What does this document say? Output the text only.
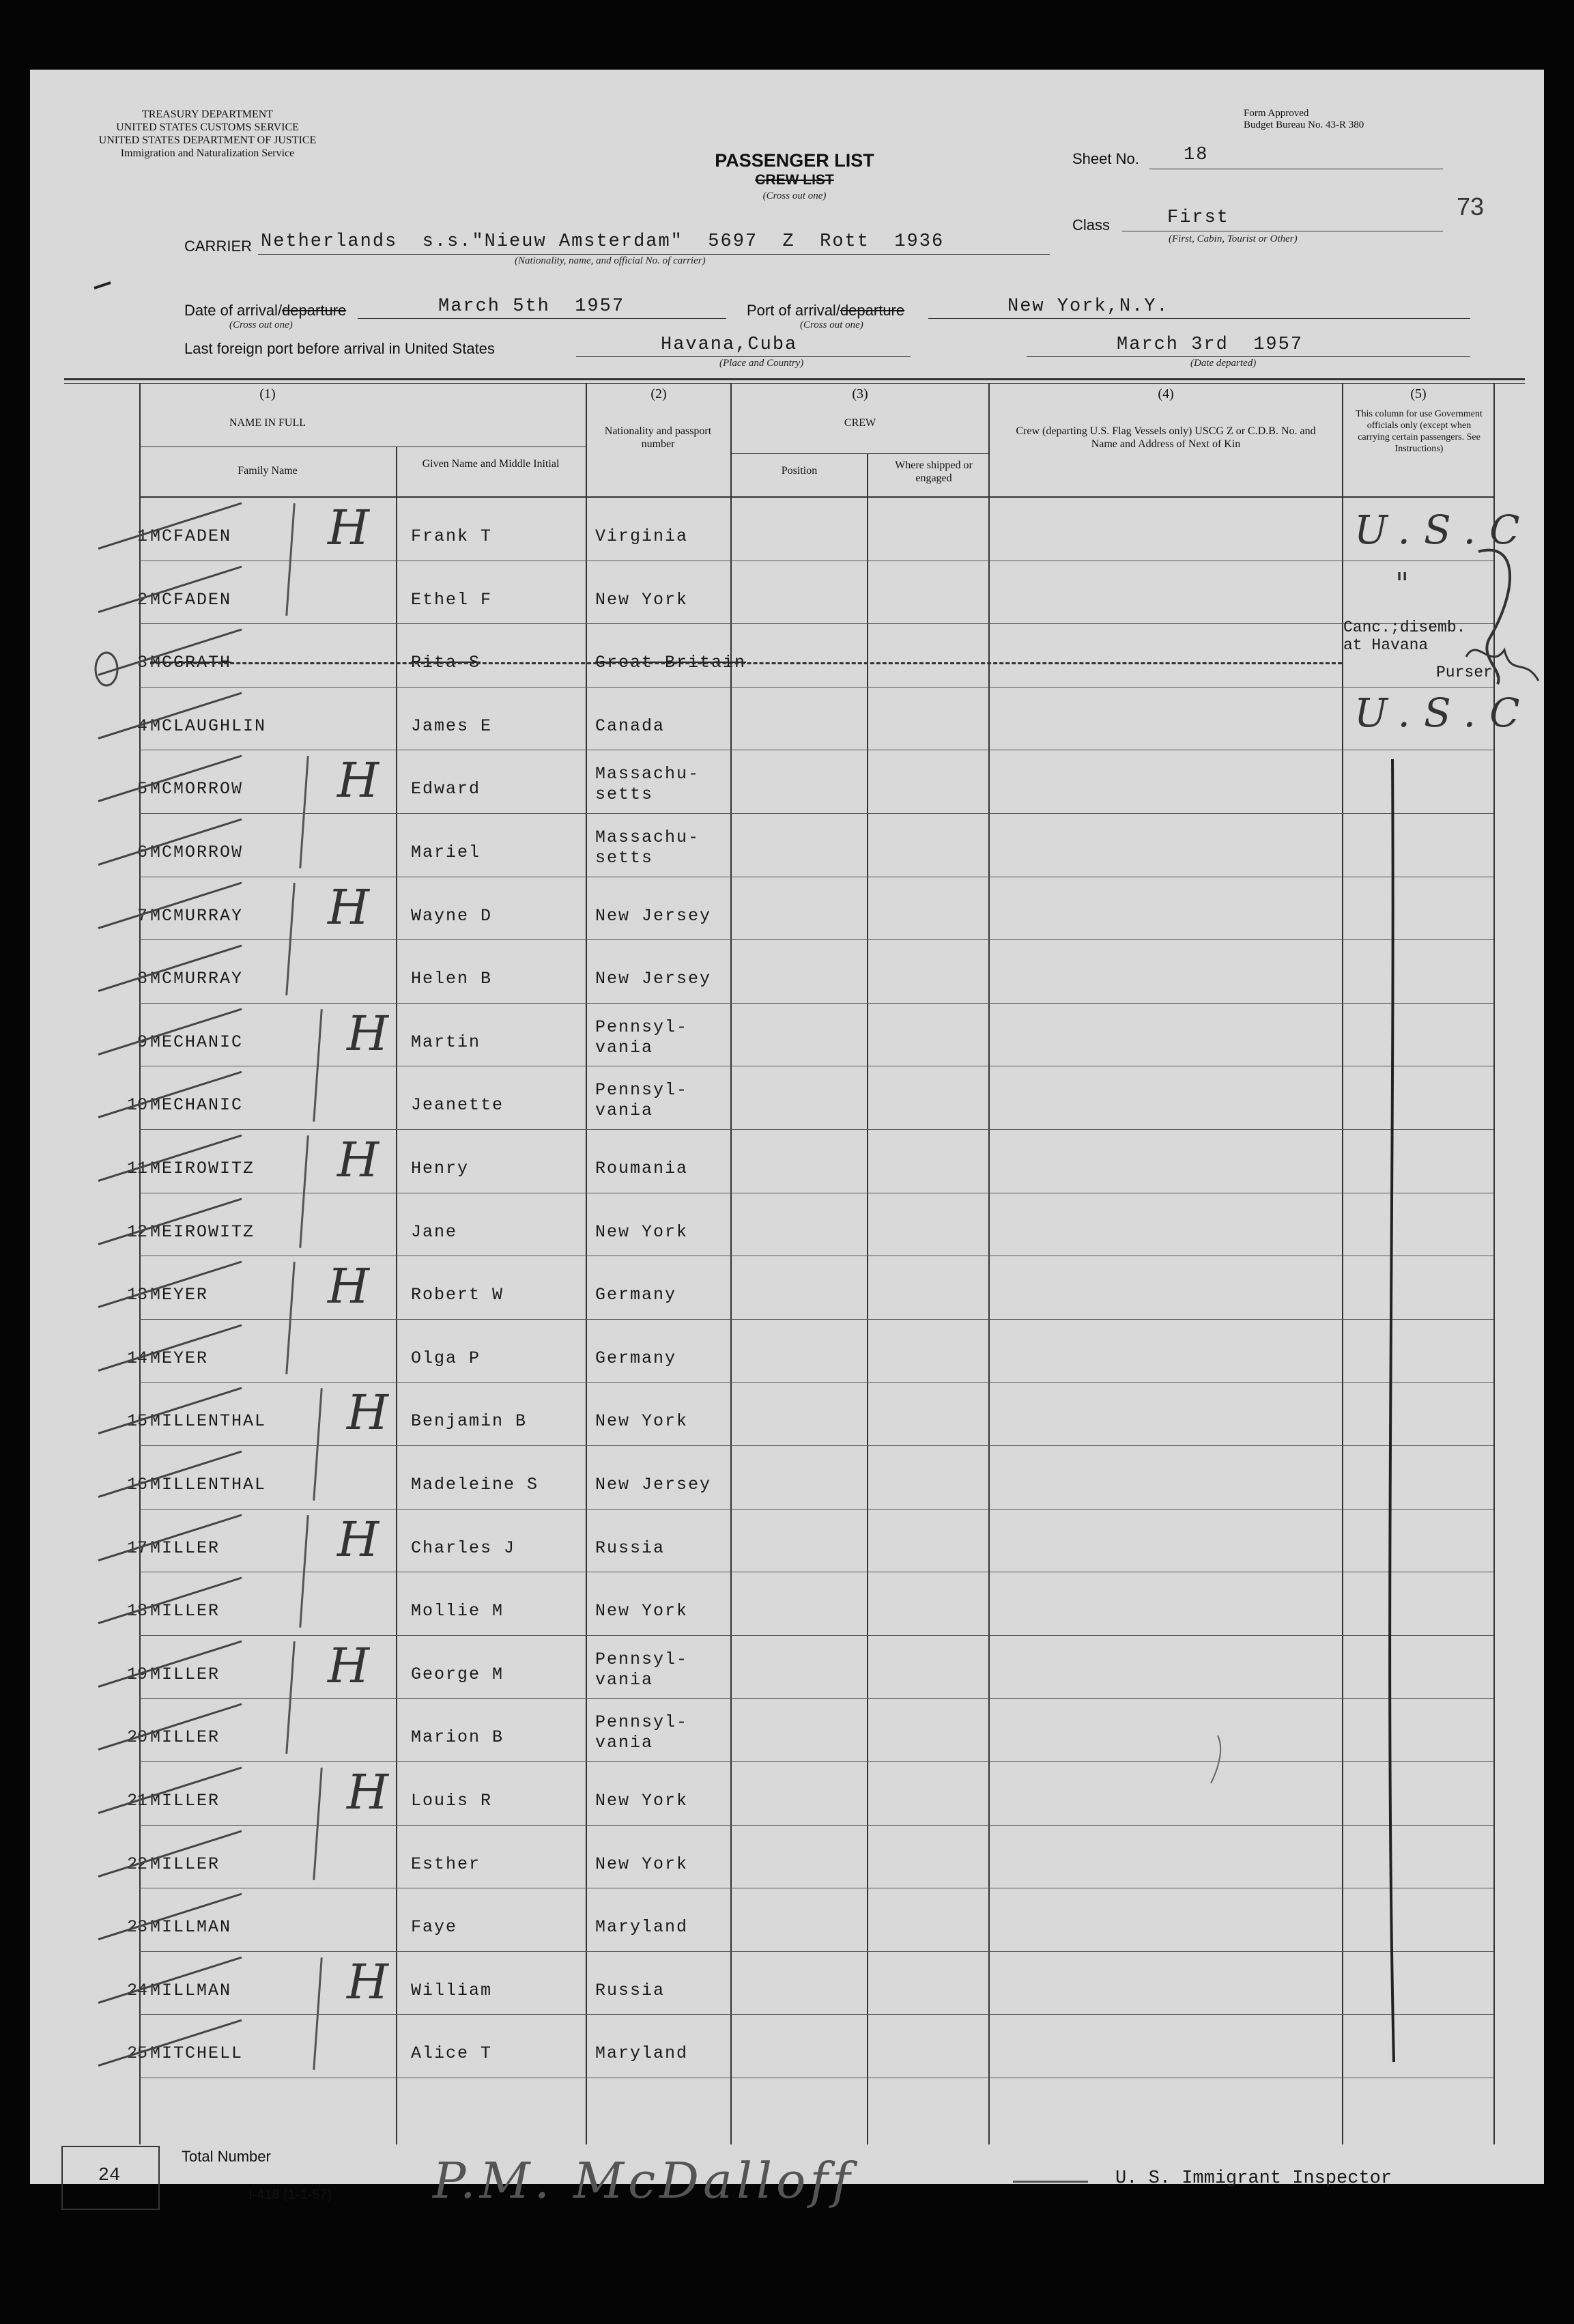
TREASURY DEPARTMENT
UNITED STATES CUSTOMS SERVICE
UNITED STATES DEPARTMENT OF JUSTICE
Immigration and Naturalization Service
Form Approved
Budget Bureau No. 43-R 380
PASSENGER LIST
CREW LIST
(Cross out one)
Sheet No. 18
73
Class	First
(First, Cabin, Tourist or Other)
CARRIER Netherlands  s.s."Nieuw Amsterdam"  5697  Z  Rott  1936
(Nationality, name, and official No. of carrier)
Date of arrival/departure	March 5th  1957
(Cross out one)
Port of arrival/departure	New York,N.Y.
(Cross out one)
Last foreign port before arrival in United States	Havana,Cuba
(Place and Country)
March 3rd  1957
(Date departed)
(1)
NAME IN FULL
Family Name
Given Name and Middle Initial
(2)
Nationality and passport number
(3)
CREW
Position	Where shipped or engaged
(4)
Crew (departing U.S. Flag Vessels only) USCG Z or C.D.B. No. and Name and Address of Next of Kin
(5)
This column for use Government officials only (except when carrying certain passengers. See Instructions)
1 MCFADEN	Frank T	Virginia
H
2 MCFADEN	Ethel F	New York
3 MCGRATH	Rita S	Great Britain
4 MCLAUGHLIN	James E	Canada
5 MCMORROW	Edward
Massachu-
setts
H
6 MCMORROW	Mariel
Massachu-
setts
7 MCMURRAY	Wayne D	New Jersey
H
8 MCMURRAY	Helen B	New Jersey
9 MECHANIC	Martin
Pennsyl-
vania
H
10 MECHANIC	Jeanette
Pennsyl-
vania
11 MEIROWITZ	Henry	Roumania
H
12 MEIROWITZ	Jane	New York
13 MEYER	Robert W	Germany
H
14 MEYER	Olga P	Germany
15 MILLENTHAL	Benjamin B	New York
H
16 MILLENTHAL	Madeleine S	New Jersey
17 MILLER	Charles J	Russia
H
18 MILLER	Mollie M	New York
19 MILLER	George M
Pennsyl-
vania
H
20 MILLER	Marion B
Pennsyl-
vania
21 MILLER	Louis R	New York
H
22 MILLER	Esther	New York
23 MILLMAN	Faye	Maryland
24 MILLMAN	William	Russia
H
25 MITCHELL	Alice T	Maryland
U.S.C
"
Canc.;disemb.
at Havana
Purser.
U.S.C
24
Total Number
I-418 (1-1-57) P.M. McDalloff	U. S. Immigrant Inspector
